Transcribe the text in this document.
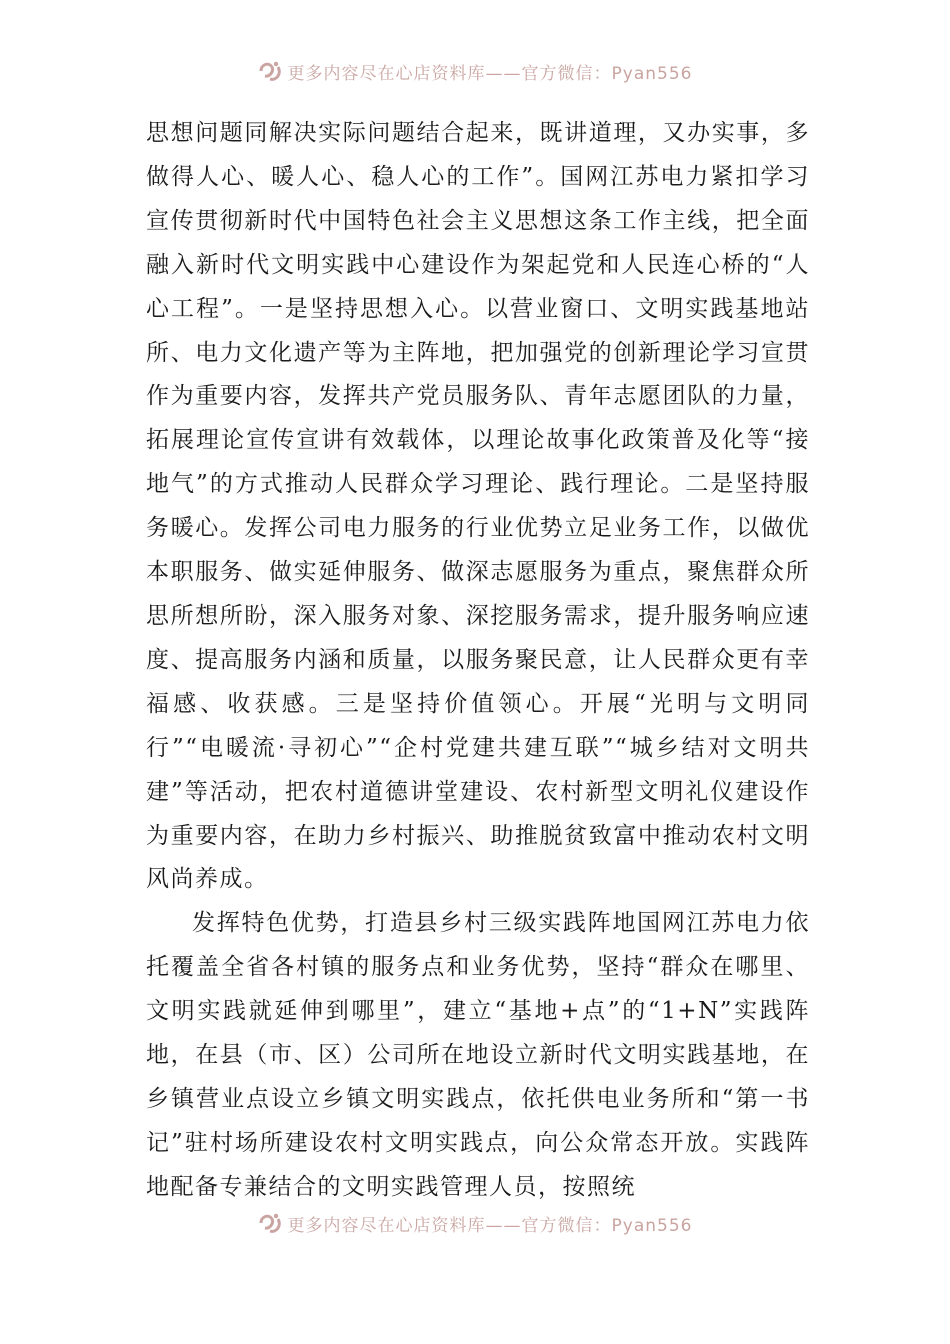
更多内容尽在心店资料库——官方微信：Pyan556

思想问题同解决实际问题结合起来，既讲道理，又办实事，多做得人心、暖人心、稳人心的工作”。国网江苏电力紧扣学习宣传贯彻新时代中国特色社会主义思想这条工作主线，把全面融入新时代文明实践中心建设作为架起党和人民连心桥的“人心工程”。一是坚持思想入心。以营业窗口、文明实践基地站所、电力文化遗产等为主阵地，把加强党的创新理论学习宣贯作为重要内容，发挥共产党员服务队、青年志愿团队的力量，拓展理论宣传宣讲有效载体，以理论故事化政策普及化等“接地气”的方式推动人民群众学习理论、践行理论。二是坚持服务暖心。发挥公司电力服务的行业优势立足业务工作，以做优本职服务、做实延伸服务、做深志愿服务为重点，聚焦群众所思所想所盼，深入服务对象、深挖服务需求，提升服务响应速度、提高服务内涵和质量，以服务聚民意，让人民群众更有幸福感、收获感。三是坚持价值领心。开展“光明与文明同行”“电暖流·寻初心”“企村党建共建互联”“城乡结对文明共建”等活动，把农村道德讲堂建设、农村新型文明礼仪建设作为重要内容，在助力乡村振兴、助推脱贫致富中推动农村文明风尚养成。

发挥特色优势，打造县乡村三级实践阵地国网江苏电力依托覆盖全省各村镇的服务点和业务优势，坚持“群众在哪里、文明实践就延伸到哪里”，建立“基地+点”的“1+N”实践阵地，在县（市、区）公司所在地设立新时代文明实践基地，在乡镇营业点设立乡镇文明实践点，依托供电业务所和“第一书记”驻村场所建设农村文明实践点，向公众常态开放。实践阵地配备专兼结合的文明实践管理人员，按照统

更多内容尽在心店资料库——官方微信：Pyan556
